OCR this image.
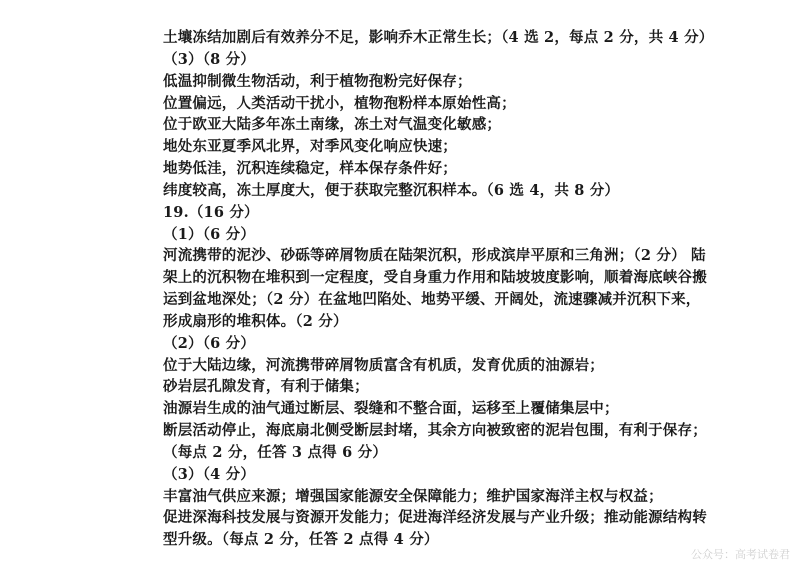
土壤冻结加剧后有效养分不足，影响乔木正常生长；（4 选 2，每点 2 分，共 4 分）
（3）（8 分）
低温抑制微生物活动，利于植物孢粉完好保存；
位置偏远，人类活动干扰小，植物孢粉样本原始性高；
位于欧亚大陆多年冻土南缘，冻土对气温变化敏感；
地处东亚夏季风北界，对季风变化响应快速；
地势低洼，沉积连续稳定，样本保存条件好；
纬度较高，冻土厚度大，便于获取完整沉积样本。（6 选 4，共 8 分）
19.（16 分）
（1）（6 分）
河流携带的泥沙、砂砾等碎屑物质在陆架沉积，形成滨岸平原和三角洲；（2 分） 陆
架上的沉积物在堆积到一定程度，受自身重力作用和陆坡坡度影响，顺着海底峡谷搬
运到盆地深处；（2 分）在盆地凹陷处、地势平缓、开阔处，流速骤减并沉积下来，
形成扇形的堆积体。（2 分）
（2）（6 分）
位于大陆边缘，河流携带碎屑物质富含有机质，发育优质的油源岩；
砂岩层孔隙发育，有利于储集；
油源岩生成的油气通过断层、裂缝和不整合面，运移至上覆储集层中；
断层活动停止，海底扇北侧受断层封堵，其余方向被致密的泥岩包围，有利于保存；
（每点 2 分，任答 3 点得 6 分）
（3）（4 分）
丰富油气供应来源；增强国家能源安全保障能力；维护国家海洋主权与权益；
促进深海科技发展与资源开发能力；促进海洋经济发展与产业升级；推动能源结构转
型升级。（每点 2 分，任答 2 点得 4 分）
公众号：高考试卷君
